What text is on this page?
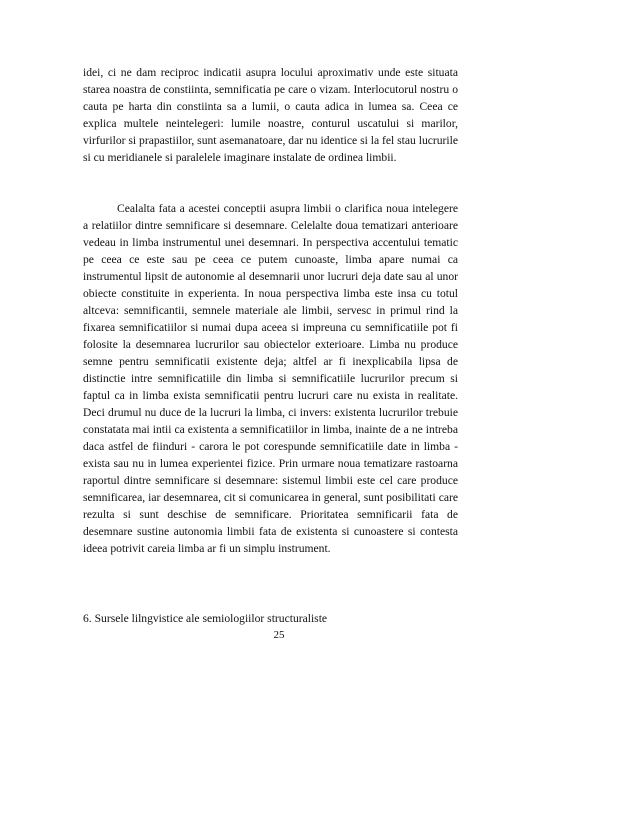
idei, ci ne dam reciproc indicatii asupra locului aproximativ unde este situata starea noastra de constiinta, semnificatia pe care o vizam. Interlocutorul nostru o cauta pe harta din constiinta sa a lumii, o cauta adica in lumea sa. Ceea ce explica multele neintelegeri: lumile noastre, conturul uscatului si marilor, virfurilor si prapastiilor, sunt asemanatoare, dar nu identice si la fel stau lucrurile si cu meridianele si paralelele imaginare instalate de ordinea limbii.

Cealalta fata a acestei conceptii asupra limbii o clarifica noua intelegere a relatiilor dintre semnificare si desemnare. Celelalte doua tematizari anterioare vedeau in limba instrumentul unei desemnari. In perspectiva accentului tematic pe ceea ce este sau pe ceea ce putem cunoaste, limba apare numai ca instrumentul lipsit de autonomie al desemnarii unor lucruri deja date sau al unor obiecte constituite in experienta. In noua perspectiva limba este insa cu totul altceva: semnificantii, semnele materiale ale limbii, servesc in primul rind la fixarea semnificatiilor si numai dupa aceea si impreuna cu semnificatiile pot fi folosite la desemnarea lucrurilor sau obiectelor exterioare. Limba nu produce semne pentru semnificatii existente deja; altfel ar fi inexplicabila lipsa de distinctie intre semnificatiile din limba si semnificatiile lucrurilor precum si faptul ca in limba exista semnificatii pentru lucruri care nu exista in realitate. Deci drumul nu duce de la lucruri la limba, ci invers: existenta lucrurilor trebuie constatata mai intii ca existenta a semnificatiilor in limba, inainte de a ne intreba daca astfel de fiinduri - carora le pot corespunde semnificatiile date in limba - exista sau nu in lumea experientei fizice. Prin urmare noua tematizare rastoarna raportul dintre semnificare si desemnare: sistemul limbii este cel care produce semnificarea, iar desemnarea, cit si comunicarea in general, sunt posibilitati care rezulta si sunt deschise de semnificare. Prioritatea semnificarii fata de desemnare sustine autonomia limbii fata de existenta si cunoastere si contesta ideea potrivit careia limba ar fi un simplu instrument.

6. Sursele lilngvistice ale semiologiilor structuraliste

25
